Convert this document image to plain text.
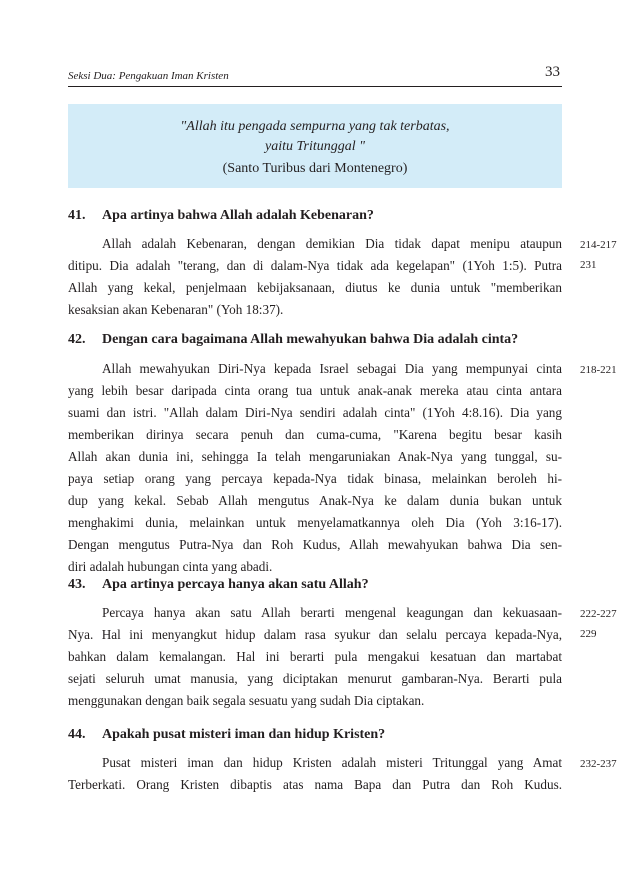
Seksi Dua: Pengakuan Iman Kristen	33
"Allah itu pengada sempurna yang tak terbatas,
yaitu Tritunggal "
(Santo Turibus dari Montenegro)
41. Apa artinya bahwa Allah adalah Kebenaran?
214-217
231
Allah adalah Kebenaran, dengan demikian Dia tidak dapat menipu ataupun
ditipu. Dia adalah "terang, dan di dalam-Nya tidak ada kegelapan" (1Yoh 1:5). Putra
Allah yang kekal, penjelmaan kebijaksanaan, diutus ke dunia untuk "memberikan
kesaksian akan Kebenaran" (Yoh 18:37).
42. Dengan cara bagaimana Allah mewahyukan bahwa Dia adalah cinta?
218-221
Allah mewahyukan Diri-Nya kepada Israel sebagai Dia yang mempunyai cinta
yang lebih besar daripada cinta orang tua untuk anak-anak mereka atau cinta antara
suami dan istri. "Allah dalam Diri-Nya sendiri adalah cinta" (1Yoh 4:8.16). Dia yang
memberikan dirinya secara penuh dan cuma-cuma, "Karena begitu besar kasih
Allah akan dunia ini, sehingga Ia telah mengaruniakan Anak-Nya yang tunggal, su-
paya setiap orang yang percaya kepada-Nya tidak binasa, melainkan beroleh hi-
dup yang kekal. Sebab Allah mengutus Anak-Nya ke dalam dunia bukan untuk
menghakimi dunia, melainkan untuk menyelamatkannya oleh Dia (Yoh 3:16-17).
Dengan mengutus Putra-Nya dan Roh Kudus, Allah mewahyukan bahwa Dia sen-
diri adalah hubungan cinta yang abadi.
43. Apa artinya percaya hanya akan satu Allah?
222-227
229
Percaya hanya akan satu Allah berarti mengenal keagungan dan kekuasaan-
Nya. Hal ini menyangkut hidup dalam rasa syukur dan selalu percaya kepada-Nya,
bahkan dalam kemalangan. Hal ini berarti pula mengakui kesatuan dan martabat
sejati seluruh umat manusia, yang diciptakan menurut gambaran-Nya. Berarti pula
menggunakan dengan baik segala sesuatu yang sudah Dia ciptakan.
44. Apakah pusat misteri iman dan hidup Kristen?
232-237
Pusat misteri iman dan hidup Kristen adalah misteri Tritunggal yang Amat
Terberkati. Orang Kristen dibaptis atas nama Bapa dan Putra dan Roh Kudus.
